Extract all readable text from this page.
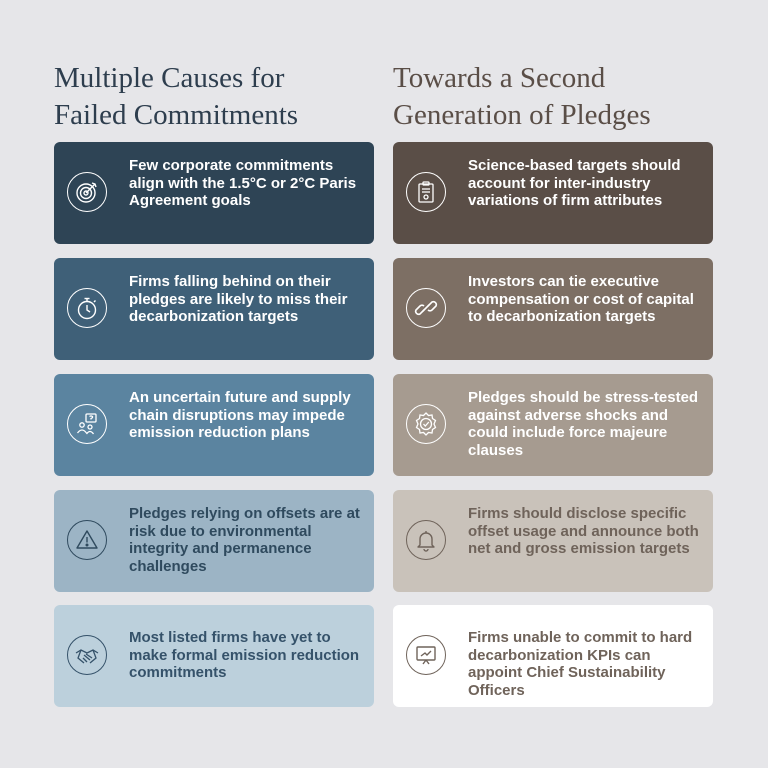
Multiple Causes for
Failed Commitments
Few corporate commitments align with the 1.5°C or 2°C Paris Agreement goals
Firms falling behind on their pledges are likely to miss their decarbonization targets
An uncertain future and supply chain disruptions may impede emission reduction plans
Pledges relying on offsets are at risk due to environmental integrity and permanence challenges
Most listed firms have yet to make formal emission reduction commitments
Towards a Second
Generation of Pledges
Science-based targets should account for inter-industry variations of firm attributes
Investors can tie executive compensation or cost of capital to decarbonization targets
Pledges should be stress-tested against adverse shocks and could include force majeure clauses
Firms should disclose specific offset usage and announce both net and gross emission targets
Firms unable to commit to hard decarbonization KPIs can appoint Chief Sustainability Officers
